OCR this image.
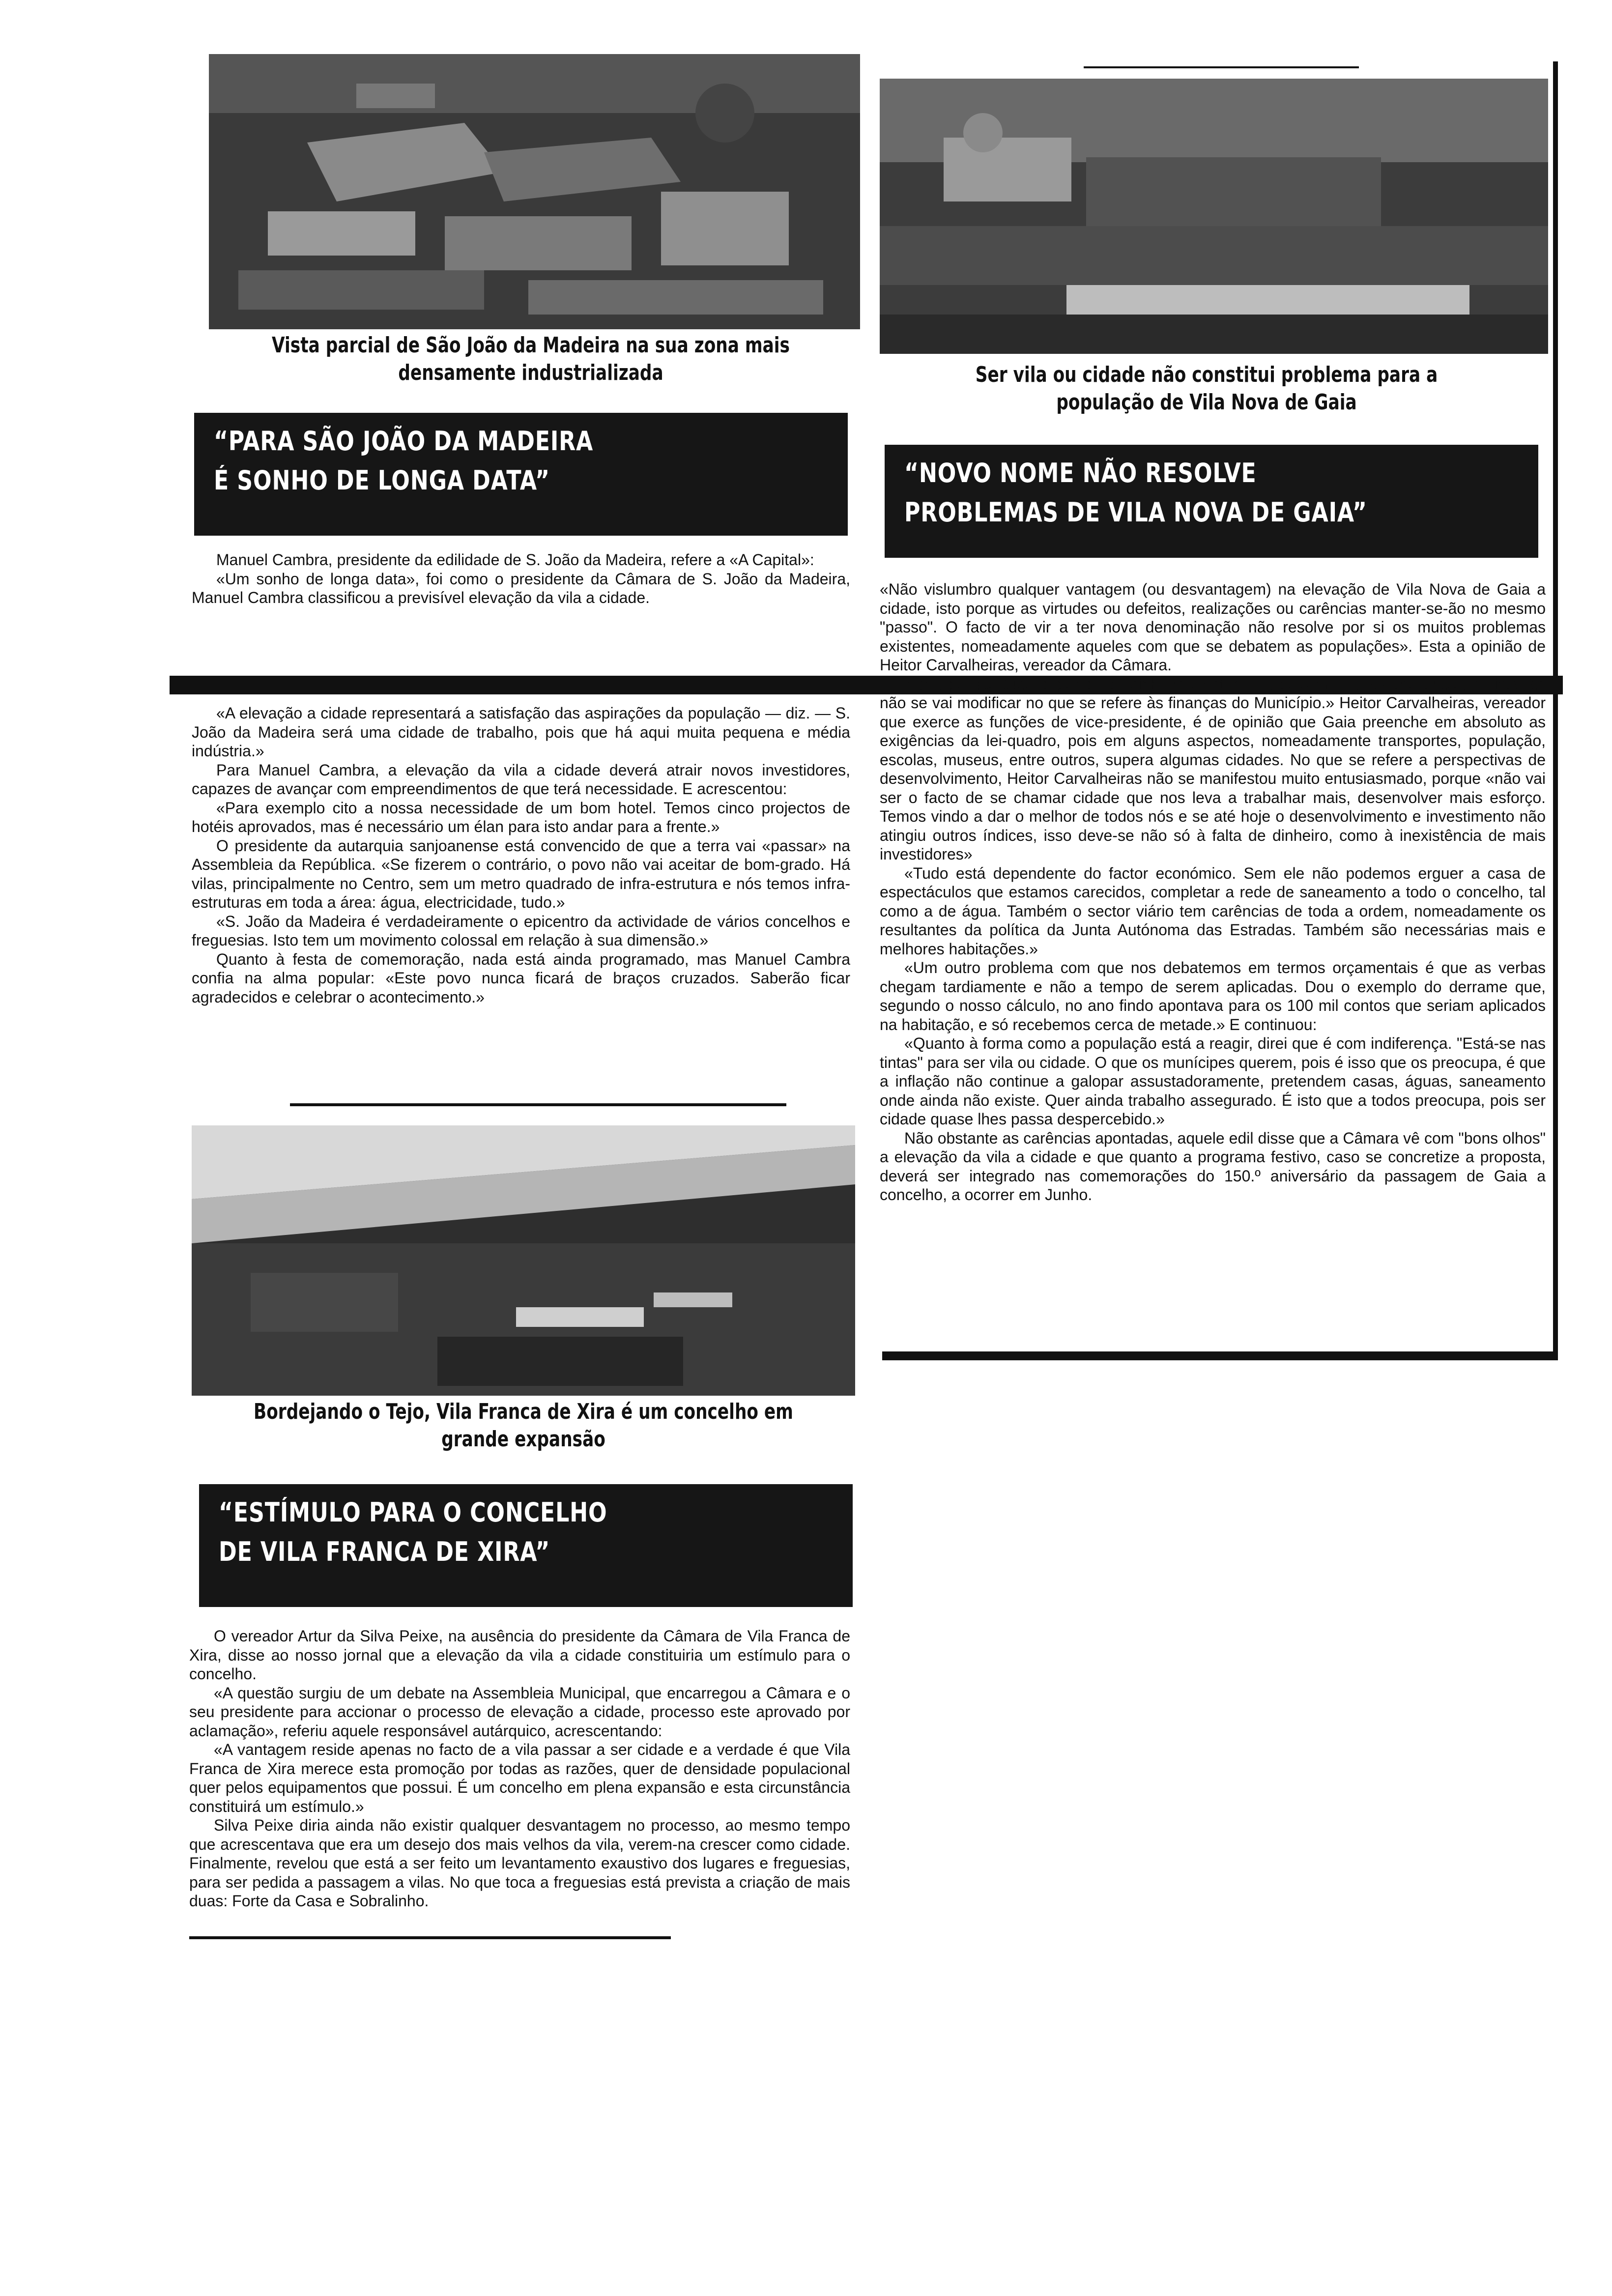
Vista parcial de São João da Madeira na sua zona mais densamente industrializada
“PARA SÃO JOÃO DA MADEIRA
É SONHO DE LONGA DATA”

Manuel Cambra, presidente da edilidade de S. João da Madeira, refere a «A Capital»:

«Um sonho de longa data», foi como o presidente da Câmara de S. João da Madeira, Manuel Cambra classificou a previsível elevação da vila a cidade.

«A elevação a cidade representará a satisfação das aspirações da população — diz. — S. João da Madeira será uma cidade de trabalho, pois que há aqui muita pequena e média indústria.»

Para Manuel Cambra, a elevação da vila a cidade deverá atrair novos investidores, capazes de avançar com empreendimentos de que terá necessidade. E acrescentou:

«Para exemplo cito a nossa necessidade de um bom hotel. Temos cinco projectos de hotéis aprovados, mas é necessário um élan para isto andar para a frente.»

O presidente da autarquia sanjoanense está convencido de que a terra vai «passar» na Assembleia da República. «Se fizerem o contrário, o povo não vai aceitar de bom-grado. Há vilas, principalmente no Centro, sem um metro quadrado de infra-estrutura e nós temos infra-estruturas em toda a área: água, electricidade, tudo.»

«S. João da Madeira é verdadeiramente o epicentro da actividade de vários concelhos e freguesias. Isto tem um movimento colossal em relação à sua dimensão.»

Quanto à festa de comemoração, nada está ainda programado, mas Manuel Cambra confia na alma popular: «Este povo nunca ficará de braços cruzados. Saberão ficar agradecidos e celebrar o acontecimento.»

Bordejando o Tejo, Vila Franca de Xira é um concelho em grande expansão
“ESTÍMULO PARA O CONCELHO
DE VILA FRANCA DE XIRA”

O vereador Artur da Silva Peixe, na ausência do presidente da Câmara de Vila Franca de Xira, disse ao nosso jornal que a elevação da vila a cidade constituiria um estímulo para o concelho.

«A questão surgiu de um debate na Assembleia Municipal, que encarregou a Câmara e o seu presidente para accionar o processo de elevação a cidade, processo este aprovado por aclamação», referiu aquele responsável autárquico, acrescentando:

«A vantagem reside apenas no facto de a vila passar a ser cidade e a verdade é que Vila Franca de Xira merece esta promoção por todas as razões, quer de densidade populacional quer pelos equipamentos que possui. É um concelho em plena expansão e esta circunstância constituirá um estímulo.»

Silva Peixe diria ainda não existir qualquer desvantagem no processo, ao mesmo tempo que acrescentava que era um desejo dos mais velhos da vila, verem-na crescer como cidade. Finalmente, revelou que está a ser feito um levantamento exaustivo dos lugares e freguesias, para ser pedida a passagem a vilas. No que toca a freguesias está prevista a criação de mais duas: Forte da Casa e Sobralinho.

Ser vila ou cidade não constitui problema para a população de Vila Nova de Gaia
“NOVO NOME NÃO RESOLVE
PROBLEMAS DE VILA NOVA DE GAIA”

«Não vislumbro qualquer vantagem (ou desvantagem) na elevação de Vila Nova de Gaia a cidade, isto porque as virtudes ou defeitos, realizações ou carências manter-se-ão no mesmo "passo". O facto de vir a ter nova denominação não resolve por si os muitos problemas existentes, nomeadamente aqueles com que se debatem as populações». Esta a opinião de Heitor Carvalheiras, vereador da Câmara.

«Isto, porque tudo depende do dinheiro existente e, pelo menos a curto prazo, a situação não se vai modificar no que se refere às finanças do Município.» Heitor Carvalheiras, vereador que exerce as funções de vice-presidente, é de opinião que Gaia preenche em absoluto as exigências da lei-quadro, pois em alguns aspectos, nomeadamente transportes, população, escolas, museus, entre outros, supera algumas cidades. No que se refere a perspectivas de desenvolvimento, Heitor Carvalheiras não se manifestou muito entusiasmado, porque «não vai ser o facto de se chamar cidade que nos leva a trabalhar mais, desenvolver mais esforço. Temos vindo a dar o melhor de todos nós e se até hoje o desenvolvimento e investimento não atingiu outros índices, isso deve-se não só à falta de dinheiro, como à inexistência de mais investidores»

«Tudo está dependente do factor económico. Sem ele não podemos erguer a casa de espectáculos que estamos carecidos, completar a rede de saneamento a todo o concelho, tal como a de água. Também o sector viário tem carências de toda a ordem, nomeadamente os resultantes da política da Junta Autónoma das Estradas. Também são necessárias mais e melhores habitações.»

«Um outro problema com que nos debatemos em termos orçamentais é que as verbas chegam tardiamente e não a tempo de serem aplicadas. Dou o exemplo do derrame que, segundo o nosso cálculo, no ano findo apontava para os 100 mil contos que seriam aplicados na habitação, e só recebemos cerca de metade.» E continuou:

«Quanto à forma como a população está a reagir, direi que é com indiferença. "Está-se nas tintas" para ser vila ou cidade. O que os munícipes querem, pois é isso que os preocupa, é que a inflação não continue a galopar assustadoramente, pretendem casas, águas, saneamento onde ainda não existe. Quer ainda trabalho assegurado. É isto que a todos preocupa, pois ser cidade quase lhes passa despercebido.»

Não obstante as carências apontadas, aquele edil disse que a Câmara vê com "bons olhos" a elevação da vila a cidade e que quanto a programa festivo, caso se concretize a proposta, deverá ser integrado nas comemorações do 150.º aniversário da passagem de Gaia a concelho, a ocorrer em Junho.
